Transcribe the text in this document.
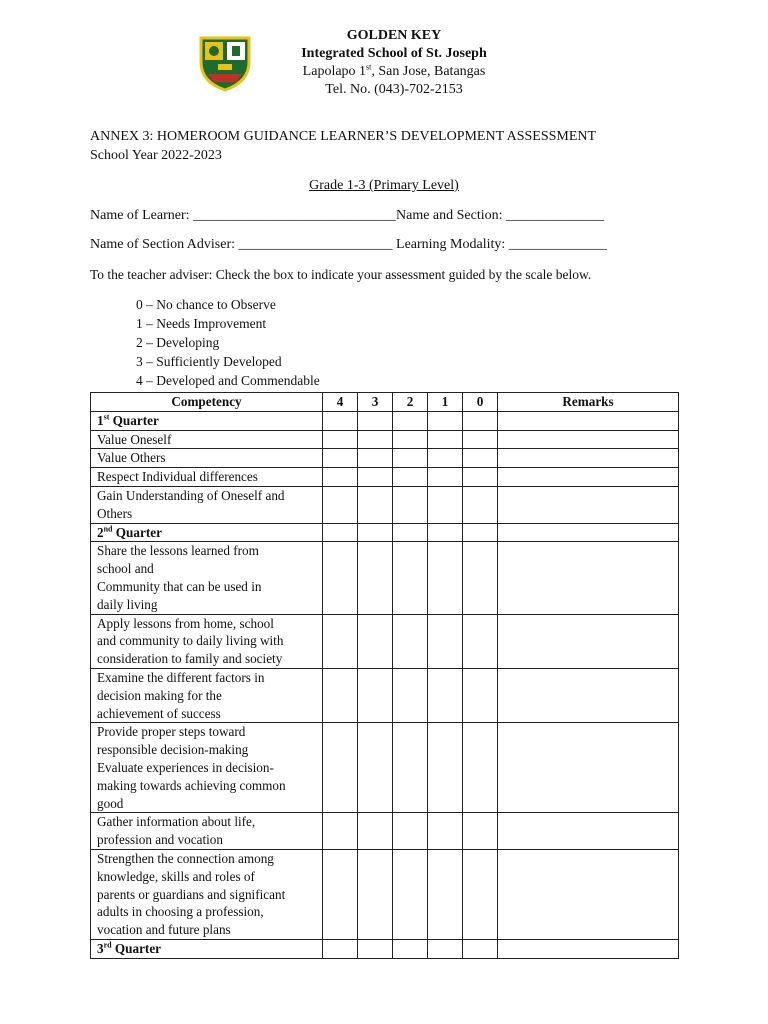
GOLDEN KEY
Integrated School of St. Joseph
Lapolapo 1st, San Jose, Batangas
Tel. No. (043)-702-2153
ANNEX 3: HOMEROOM GUIDANCE LEARNER’S DEVELOPMENT ASSESSMENT
School Year 2022-2023
Grade 1-3 (Primary Level)
Name of Learner: _____________________________Name and Section: ______________
Name of Section Adviser: ______________________ Learning Modality: ______________
To the teacher adviser: Check the box to indicate your assessment guided by the scale below.
0 – No chance to Observe
1 – Needs Improvement
2 – Developing
3 – Sufficiently Developed
4 – Developed and Commendable
Competency	4	3	2	1	0	Remarks
1st Quarter						

Value Oneself						

Value Others						

Respect Individual differences						

Gain Understanding of Oneself and
Others						

2nd Quarter						

Share the lessons learned from
school and
Community that can be used in
daily living						

Apply lessons from home, school
and community to daily living with
consideration to family and society						

Examine the different factors in
decision making for the
achievement of success						

Provide proper steps toward
responsible decision-making
Evaluate experiences in decision-
making towards achieving common
good						

Gather information about life,
profession and vocation						

Strengthen the connection among
knowledge, skills and roles of
parents or guardians and significant
adults in choosing a profession,
vocation and future plans						

3rd Quarter						
